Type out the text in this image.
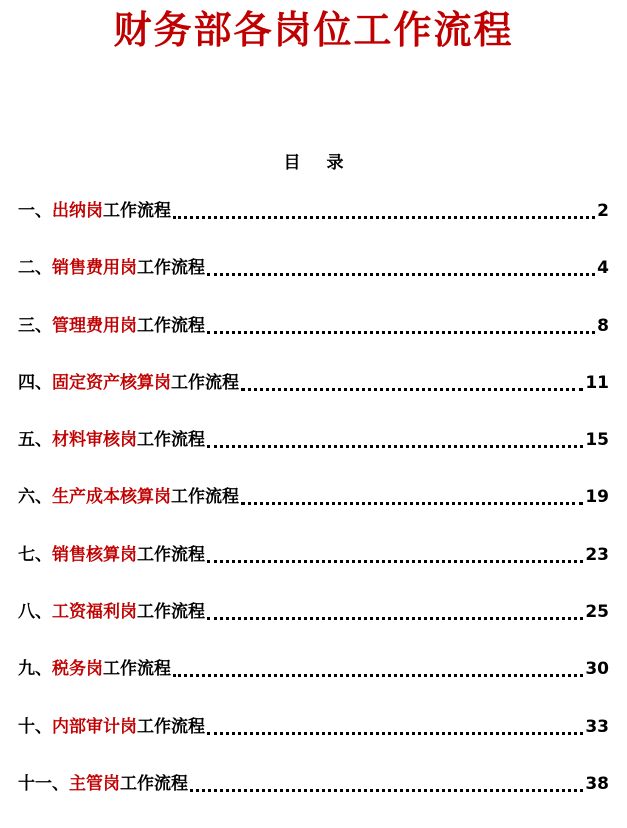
财务部各岗位工作流程
目 录
一、 出纳岗 工作流程	2
二、 销售费用岗 工作流程	4
三、 管理费用岗 工作流程	8
四、 固定资产核算岗 工作流程	11
五、 材料审核岗 工作流程	15
六、 生产成本核算岗 工作流程	19
七、 销售核算岗 工作流程	23
八、 工资福利岗 工作流程	25
九、 税务岗 工作流程	30
十、 内部审计岗 工作流程	33
十一、 主管岗 工作流程	38
